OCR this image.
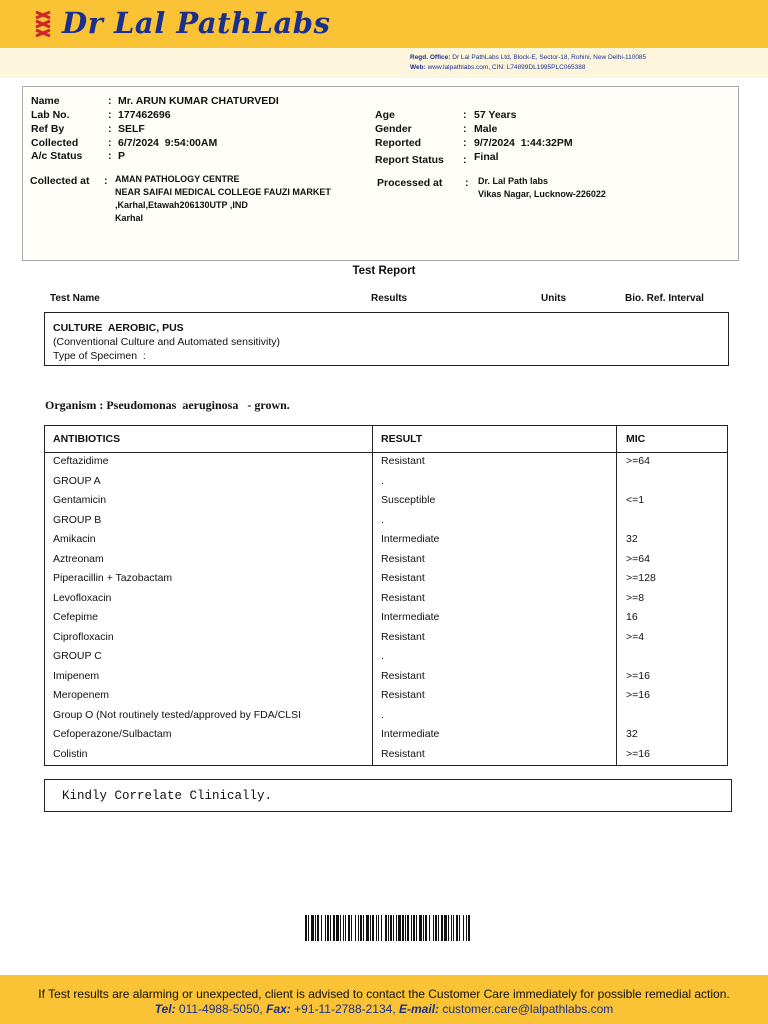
Dr Lal PathLabs
Regd. Office: Dr Lal PathLabs Ltd, Block-E, Sector-18, Rohini, New Delhi-110085
Web: www.lalpathlabs.com, CIN: L74899DL1995PLC065388
Name	: Mr. ARUN KUMAR CHATURVEDI
Lab No.	: 177462696
Ref By	: SELF
Collected	: 6/7/2024  9:54:00AM
A/c Status : P
Age	: 57 Years
Gender	: Male
Reported	: 9/7/2024  1:44:32PM
Report Status : Final
Collected at : AMAN PATHOLOGY CENTRE
NEAR SAIFAI MEDICAL COLLEGE FAUZI MARKET
,Karhal,Etawah206130UTP ,IND
Karhal
Processed at : Dr. Lal Path labs
Vikas Nagar, Lucknow-226022
Test Report
Test Name	Results	Units	Bio. Ref. Interval
CULTURE  AEROBIC, PUS
(Conventional Culture and Automated sensitivity)
Type of Specimen  :
Organism : Pseudomonas  aeruginosa   - grown.
ANTIBIOTICS	RESULT	MIC
Ceftazidime	Resistant	>=64
GROUP A	.
Gentamicin	Susceptible	<=1
GROUP B	.
Amikacin	Intermediate	32
Aztreonam	Resistant	>=64
Piperacillin + Tazobactam	Resistant	>=128
Levofloxacin	Resistant	>=8
Cefepime	Intermediate	16
Ciprofloxacin	Resistant	>=4
GROUP C	.
Imipenem	Resistant	>=16
Meropenem	Resistant	>=16
Group O (Not routinely tested/approved by FDA/CLSI	.
Cefoperazone/Sulbactam	Intermediate	32
Colistin	Resistant	>=16
Kindly Correlate Clinically.
If Test results are alarming or unexpected, client is advised to contact the Customer Care immediately for possible remedial action.
Tel: 011-4988-5050, Fax: +91-11-2788-2134, E-mail: customer.care@lalpathlabs.com
